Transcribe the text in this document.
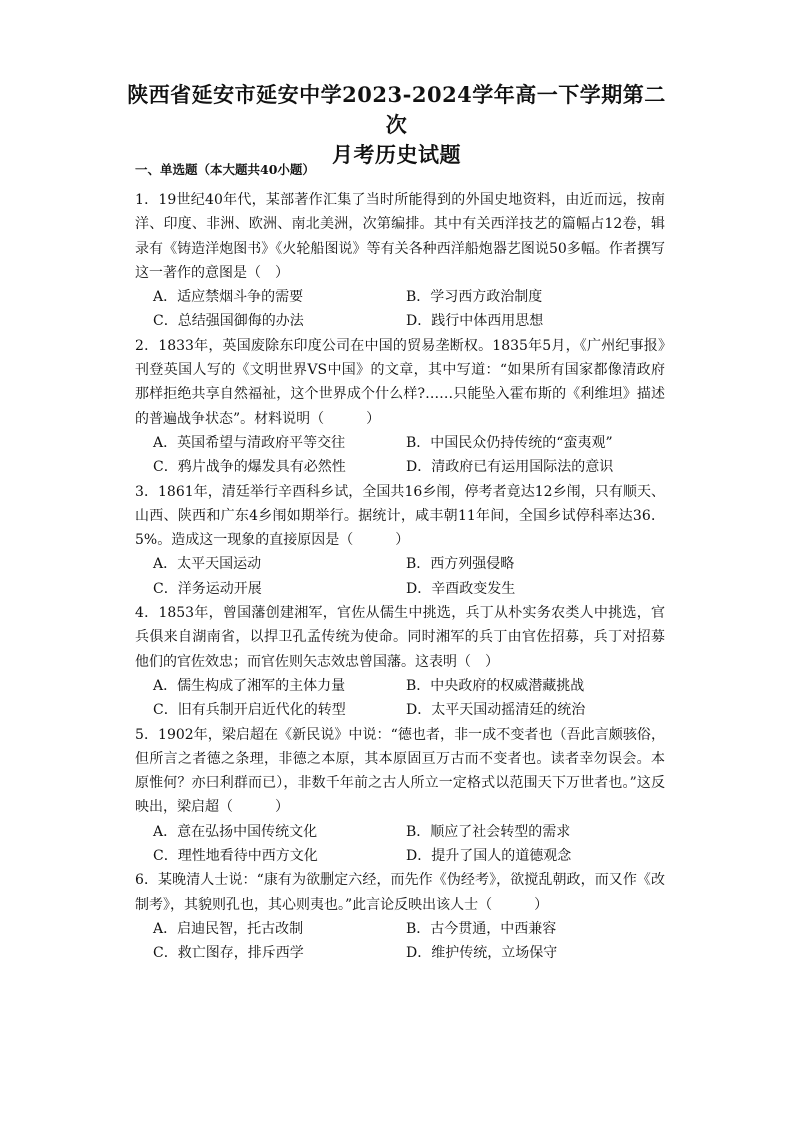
陕西省延安市延安中学2023-2024学年高一下学期第二次
月考历史试题
一、单选题（本大题共40小题）

1．19世纪40年代，某部著作汇集了当时所能得到的外国史地资料，由近而远，按南洋、印度、非洲、欧洲、南北美洲，次第编排。其中有关西洋技艺的篇幅占12卷，辑录有《铸造洋炮图书》《火轮船图说》等有关各种西洋船炮器艺图说50多幅。作者撰写这一著作的意图是（　）

A．适应禁烟斗争的需要	B．学习西方政治制度
C．总结强国御侮的办法	D．践行中体西用思想

2．1833年，英国废除东印度公司在中国的贸易垄断权。1835年5月，《广州纪事报》刊登英国人写的《文明世界VS中国》的文章，其中写道：“如果所有国家都像清政府那样拒绝共享自然福祉，这个世界成个什么样?……只能坠入霍布斯的《利维坦》描述的普遍战争状态”。材料说明（　　　）

A．英国希望与清政府平等交往	B．中国民众仍持传统的“蛮夷观”
C．鸦片战争的爆发具有必然性	D．清政府已有运用国际法的意识

3．1861年，清廷举行辛酉科乡试，全国共16乡闱，停考者竟达12乡闱，只有顺天、山西、陕西和广东4乡闱如期举行。据统计，咸丰朝11年间，全国乡试停科率达36．5%。造成这一现象的直接原因是（　　　）

A．太平天国运动	B．西方列强侵略
C．洋务运动开展	D．辛酉政变发生

4．1853年，曾国藩创建湘军，官佐从儒生中挑选，兵丁从朴实务农类人中挑选，官兵俱来自湖南省，以捍卫孔孟传统为使命。同时湘军的兵丁由官佐招募，兵丁对招募他们的官佐效忠；而官佐则矢志效忠曾国藩。这表明（　）

A．儒生构成了湘军的主体力量	B．中央政府的权威潜藏挑战
C．旧有兵制开启近代化的转型	D．太平天国动摇清廷的统治

5．1902年，梁启超在《新民说》中说：“德也者，非一成不变者也（吾此言颇骇俗，但所言之者德之条理，非德之本原，其本原固亘万古而不变者也。读者幸勿误会。本原惟何？亦曰利群而已），非数千年前之古人所立一定格式以范围天下万世者也。”这反映出，梁启超（　　　）

A．意在弘扬中国传统文化	B．顺应了社会转型的需求
C．理性地看待中西方文化	D．提升了国人的道德观念

6．某晚清人士说：“康有为欲删定六经，而先作《伪经考》，欲搅乱朝政，而又作《改制考》，其貌则孔也，其心则夷也。”此言论反映出该人士（　　　）

A．启迪民智，托古改制	B．古今贯通，中西兼容
C．救亡图存，排斥西学	D．维护传统，立场保守
